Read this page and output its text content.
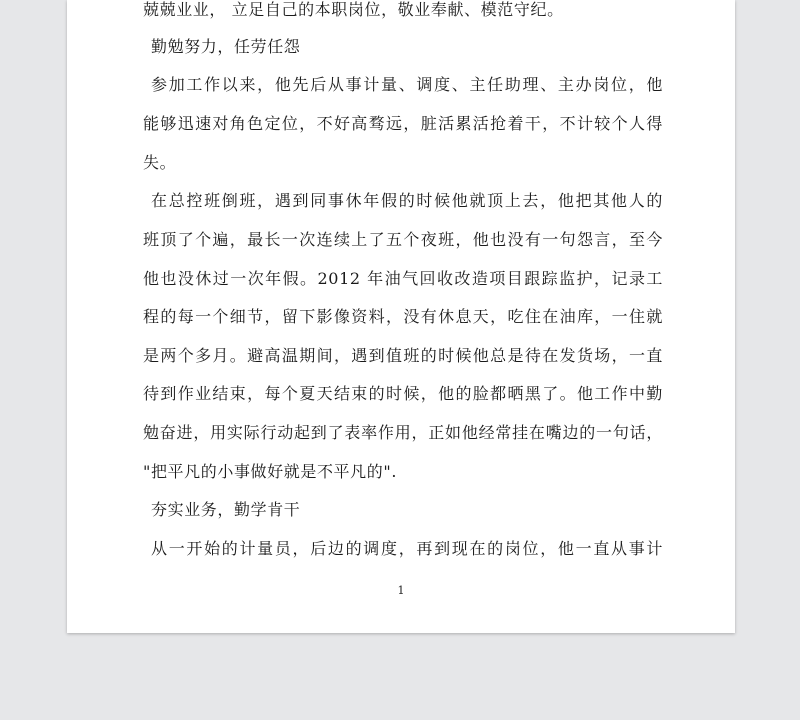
兢兢业业， 立足自己的本职岗位，敬业奉献、模范守纪。
勤勉努力，任劳任怨
参加工作以来，他先后从事计量、调度、主任助理、主办岗位，他
能够迅速对角色定位，不好高骛远，脏活累活抢着干，不计较个人得
失。
在总控班倒班，遇到同事休年假的时候他就顶上去，他把其他人的
班顶了个遍，最长一次连续上了五个夜班，他也没有一句怨言，至今
他也没休过一次年假。2012 年油气回收改造项目跟踪监护，记录工
程的每一个细节，留下影像资料，没有休息天，吃住在油库，一住就
是两个多月。避高温期间，遇到值班的时候他总是待在发货场，一直
待到作业结束，每个夏天结束的时候，他的脸都晒黑了。他工作中勤
勉奋进，用实际行动起到了表率作用，正如他经常挂在嘴边的一句话，
"把平凡的小事做好就是不平凡的".
夯实业务，勤学肯干
从一开始的计量员，后边的调度，再到现在的岗位，他一直从事计
1
